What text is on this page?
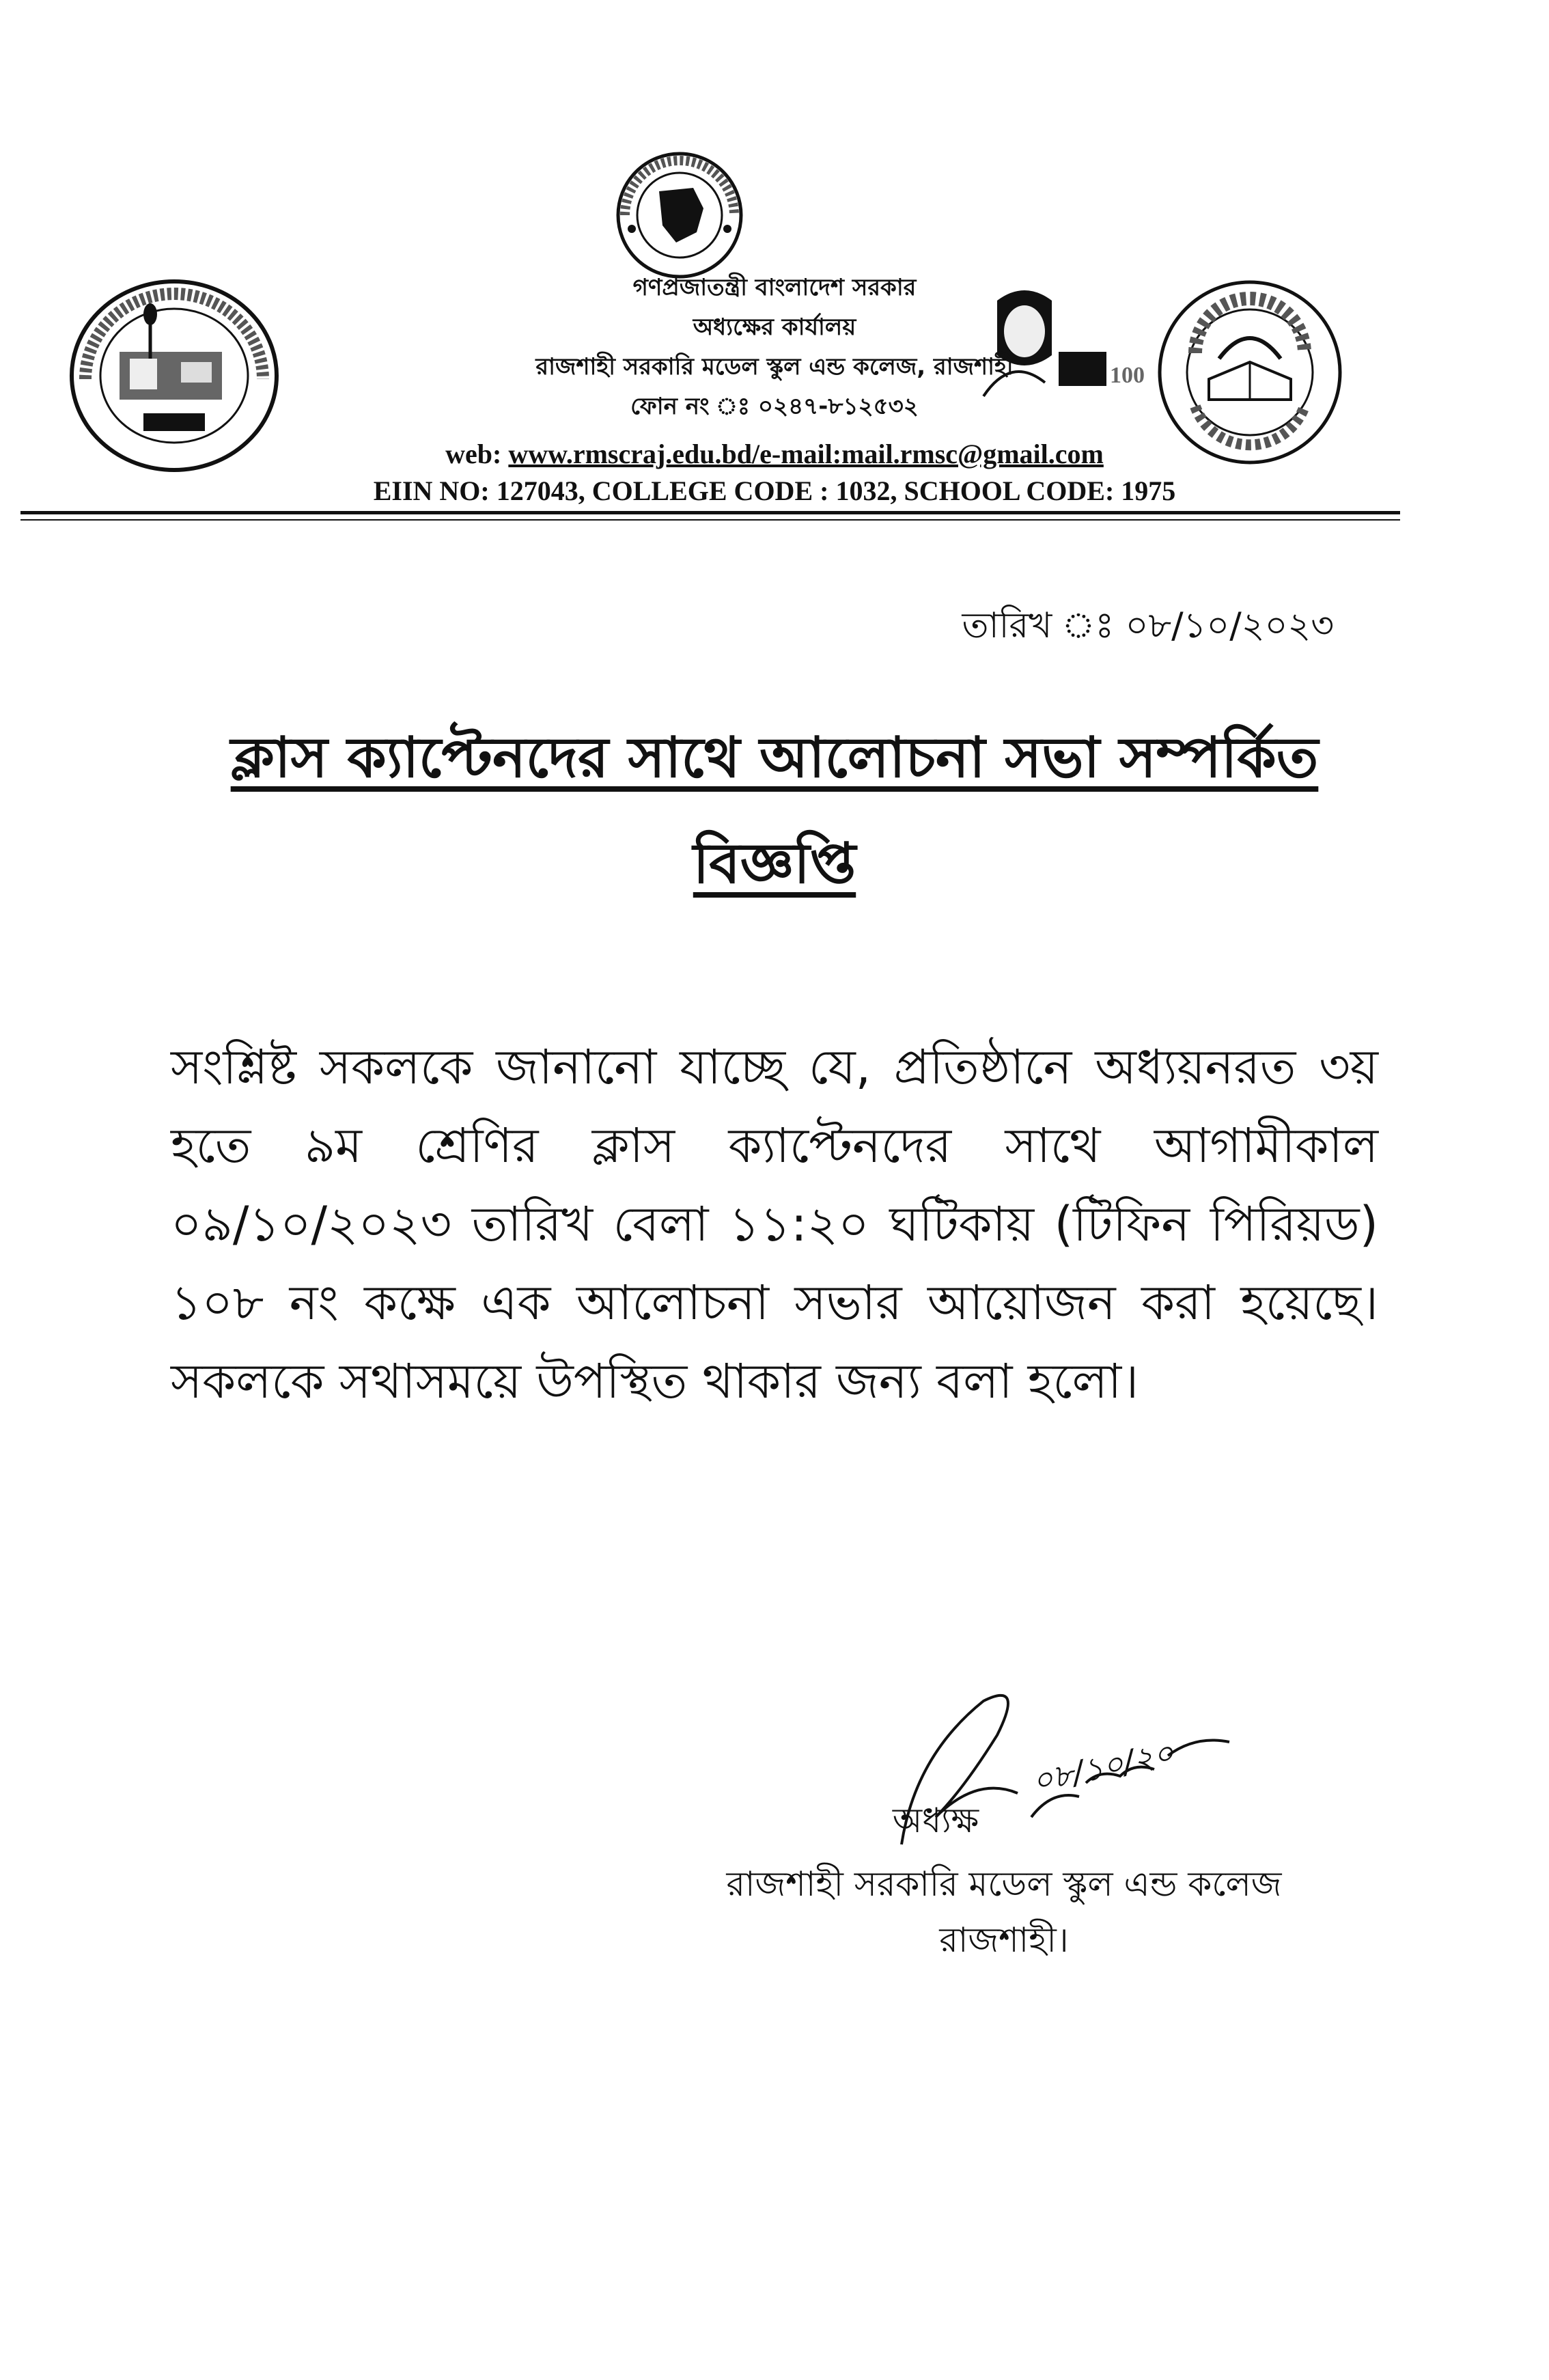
100
গণপ্রজাতন্ত্রী বাংলাদেশ সরকার
অধ্যক্ষের কার্যালয়
রাজশাহী সরকারি মডেল স্কুল এন্ড কলেজ, রাজশাহী
ফোন নং ঃ ০২৪৭-৮১২৫৩২
web: www.rmscraj.edu.bd/e-mail:mail.rmsc@gmail.com
EIIN NO: 127043, COLLEGE CODE : 1032, SCHOOL CODE: 1975
তারিখ ঃ ০৮/১০/২০২৩
ক্লাস ক্যাপ্টেনদের সাথে আলোচনা সভা সম্পর্কিত
বিজ্ঞপ্তি
সংশ্লিষ্ট সকলকে জানানো যাচ্ছে যে, প্রতিষ্ঠানে অধ্যয়নরত ৩য় হতে ৯ম শ্রেণির ক্লাস ক্যাপ্টেনদের সাথে আগামীকাল ০৯/১০/২০২৩ তারিখ বেলা ১১:২০ ঘটিকায় (টিফিন পিরিয়ড) ১০৮ নং কক্ষে এক আলোচনা সভার আয়োজন করা হয়েছে। সকলকে সথাসময়ে উপস্থিত থাকার জন্য বলা হলো।
০৮/১০/২০
অধ্যক্ষ
রাজশাহী সরকারি মডেল স্কুল এন্ড কলেজ
রাজশাহী।
